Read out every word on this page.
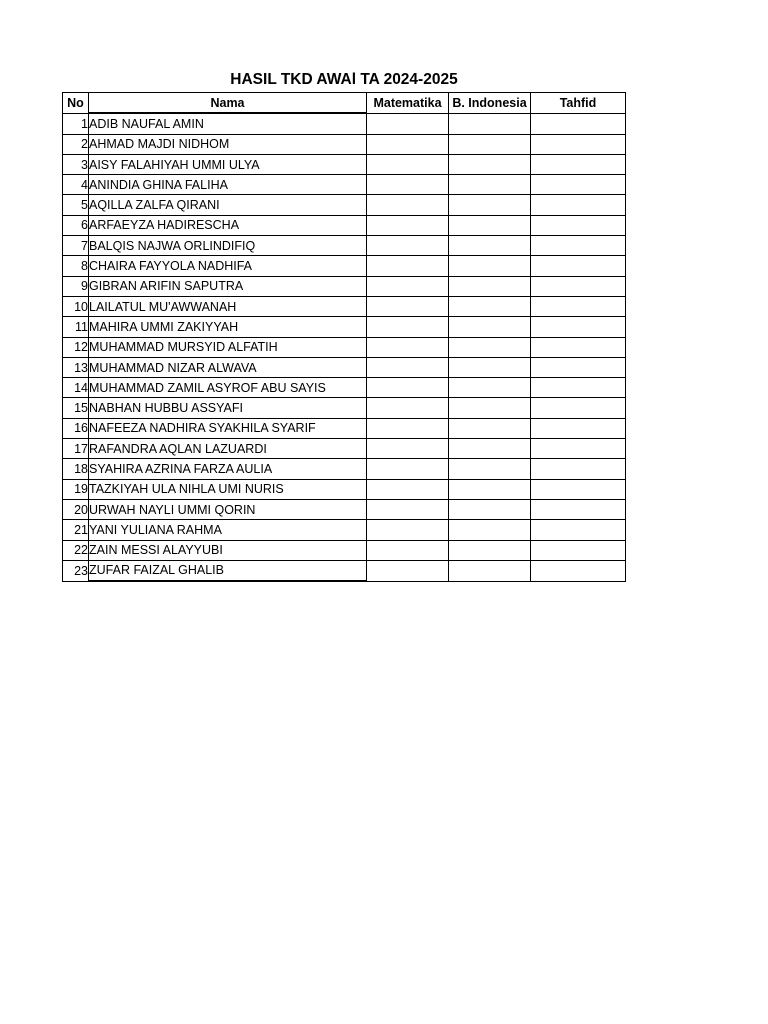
HASIL TKD AWAl TA 2024-2025
No	Nama	Matematika	B. Indonesia	Tahfid
1	ADIB NAUFAL AMIN			
2	AHMAD MAJDI NIDHOM			
3	AISY FALAHIYAH UMMI ULYA			
4	ANINDIA GHINA FALIHA			
5	AQILLA ZALFA QIRANI			
6	ARFAEYZA HADIRESCHA			
7	BALQIS NAJWA ORLINDIFIQ			
8	CHAIRA FAYYOLA NADHIFA			
9	GIBRAN ARIFIN SAPUTRA			
10	LAILATUL MU'AWWANAH			
11	MAHIRA UMMI ZAKIYYAH			
12	MUHAMMAD MURSYID ALFATIH			
13	MUHAMMAD NIZAR ALWAVA			
14	MUHAMMAD ZAMIL ASYROF ABU SAYIS			
15	NABHAN HUBBU ASSYAFI			
16	NAFEEZA NADHIRA SYAKHILA SYARIF			
17	RAFANDRA AQLAN LAZUARDI			
18	SYAHIRA AZRINA FARZA AULIA			
19	TAZKIYAH ULA NIHLA UMI NURIS			
20	URWAH NAYLI UMMI QORIN			
21	YANI YULIANA RAHMA			
22	ZAIN MESSI ALAYYUBI			
23	ZUFAR FAIZAL GHALIB			
